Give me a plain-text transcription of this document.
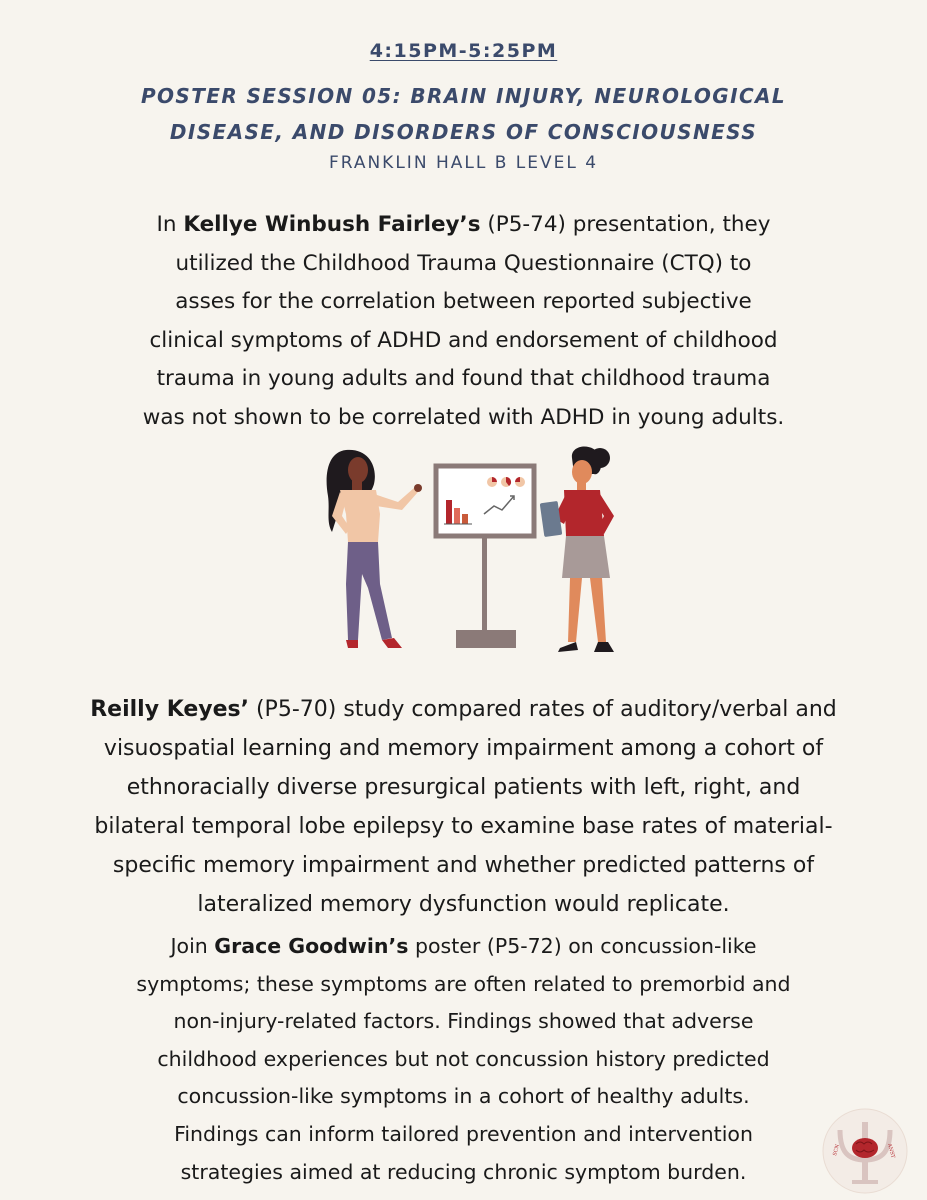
4:15PM-5:25PM
POSTER SESSION 05: BRAIN INJURY, NEUROLOGICAL
DISEASE, AND DISORDERS OF CONSCIOUSNESS
FRANKLIN HALL B LEVEL 4

In Kellye Winbush Fairley’s (P5-74) presentation, they
utilized the Childhood Trauma Questionnaire (CTQ) to
asses for the correlation between reported subjective
clinical symptoms of ADHD and endorsement of childhood
trauma in young adults and found that childhood trauma
was not shown to be correlated with ADHD in young adults.

Reilly Keyes’ (P5-70) study compared rates of auditory/verbal and
visuospatial learning and memory impairment among a cohort of
ethnoracially diverse presurgical patients with left, right, and
bilateral temporal lobe epilepsy to examine base rates of material-
specific memory impairment and whether predicted patterns of
lateralized memory dysfunction would replicate.

Join Grace Goodwin’s poster (P5-72) on concussion-like
symptoms; these symptoms are often related to premorbid and
non-injury-related factors. Findings showed that adverse
childhood experiences but not concussion history predicted
concussion-like symptoms in a cohort of healthy adults.
Findings can inform tailored prevention and intervention
strategies aimed at reducing chronic symptom burden.

SCN	ANST
